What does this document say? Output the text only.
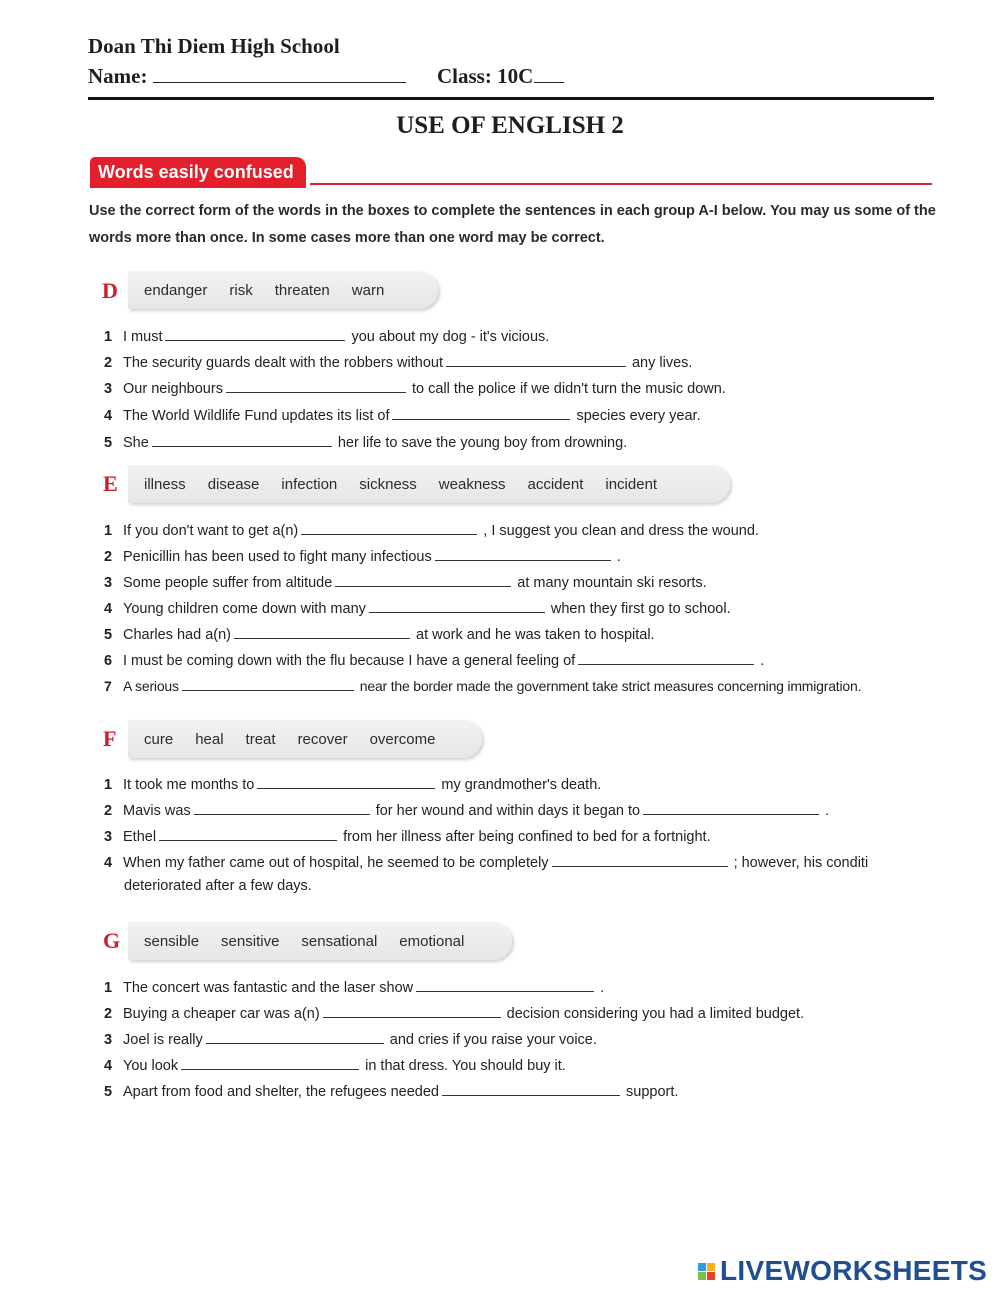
Doan Thi Diem High School
Name:	Class: 10C
USE OF ENGLISH 2
Words easily confused
Use the correct form of the words in the boxes to complete the sentences in each group A-I below. You may us some of the words more than once. In some cases more than one word may be correct.
D endanger risk threaten warn
1 I must	you about my dog - it's vicious.
2 The security guards dealt with the robbers without	any lives.
3 Our neighbours	to call the police if we didn't turn the music down.
4 The World Wildlife Fund updates its list of	species every year.
5 She	her life to save the young boy from drowning.
E illness disease infection sickness weakness accident incident
1 If you don't want to get a(n)	, I suggest you clean and dress the wound.
2 Penicillin has been used to fight many infectious	.
3 Some people suffer from altitude	at many mountain ski resorts.
4 Young children come down with many	when they first go to school.
5 Charles had a(n)	at work and he was taken to hospital.
6 I must be coming down with the flu because I have a general feeling of	.
7 A serious	near the border made the government take strict measures concerning immigration.
F cure heal treat recover overcome
1 It took me months to	my grandmother's death.
2 Mavis was	for her wound and within days it began to	.
3 Ethel	from her illness after being confined to bed for a fortnight.
4 When my father came out of hospital, he seemed to be completely	; however, his conditi
deteriorated after a few days.
G sensible sensitive sensational emotional
1 The concert was fantastic and the laser show	.
2 Buying a cheaper car was a(n)	decision considering you had a limited budget.
3 Joel is really	and cries if you raise your voice.
4 You look	in that dress. You should buy it.
5 Apart from food and shelter, the refugees needed	support.
LIVEWORKSHEETS
